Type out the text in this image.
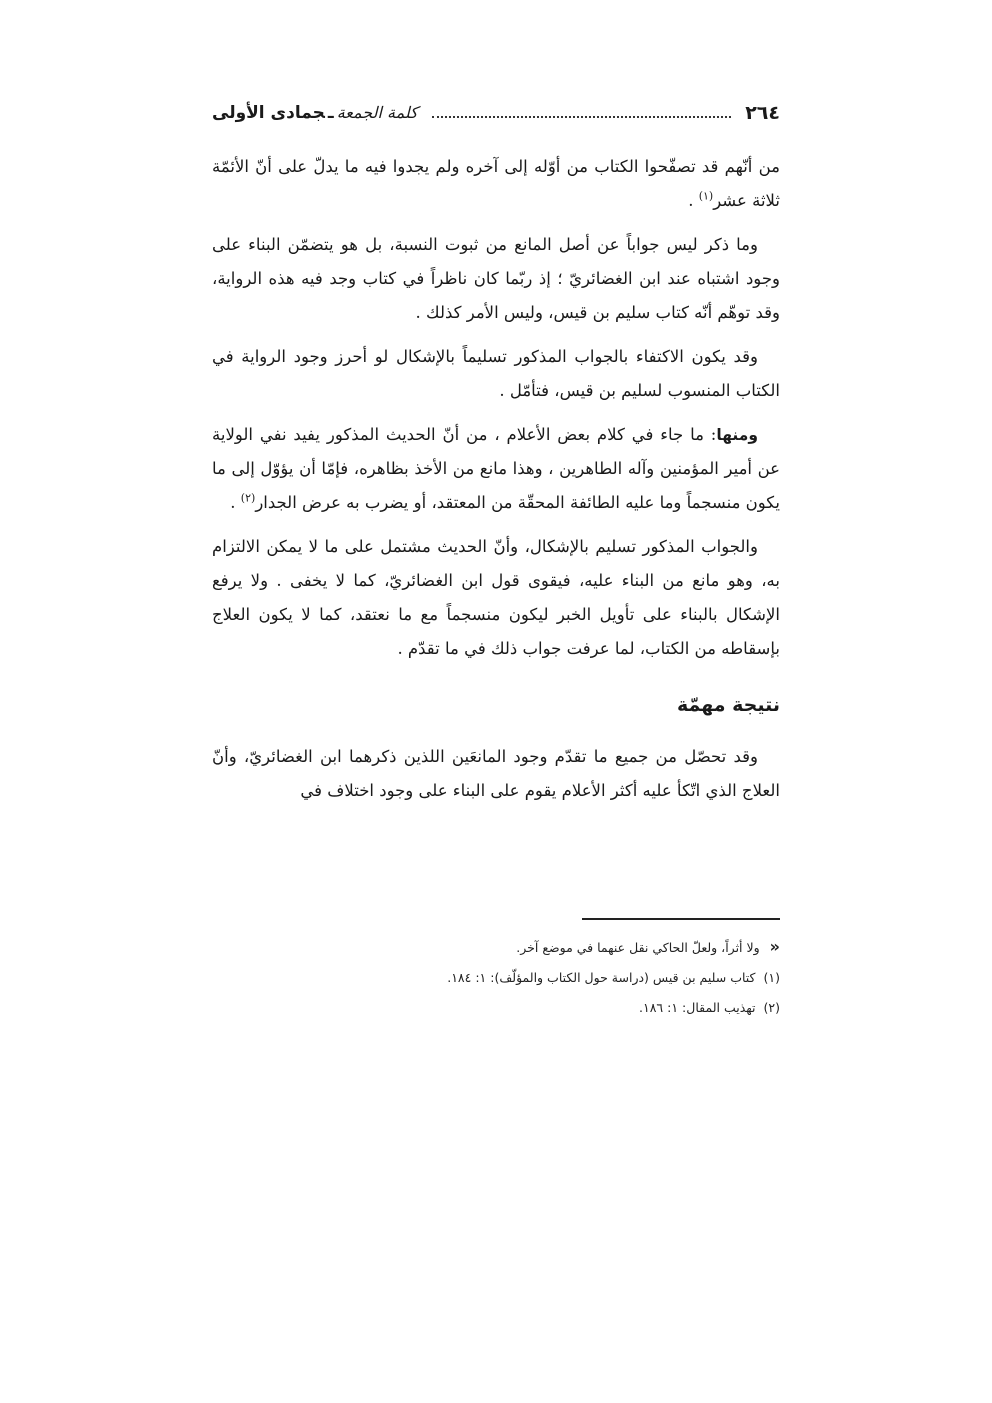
٢٦٤
كلمة الجمعةـجمادى الأولى

من أنّهم قد تصفّحوا الكتاب من أوّله إلى آخره ولم يجدوا فيه ما يدلّ على أنّ الأئمّة ثلاثة عشر$^{(١)}$ .

وما ذكر ليس جواباً عن أصل المانع من ثبوت النسبة، بل هو يتضمّن البناء على وجود اشتباه عند ابن الغضائريّ ؛ إذ ربّما كان ناظراً في كتاب وجد فيه هذه الرواية، وقد توهّم أنّه كتاب سليم بن قيس، وليس الأمر كذلك .

وقد يكون الاكتفاء بالجواب المذكور تسليماً بالإشكال لو أحرز وجود الرواية في الكتاب المنسوب لسليم بن قيس، فتأمّل .

ومنها: ما جاء في كلام بعض الأعلام ، من أنّ الحديث المذكور يفيد نفي الولاية عن أمير المؤمنين وآله الطاهرين ، وهذا مانع من الأخذ بظاهره، فإمّا أن يؤوّل إلى ما يكون منسجماً وما عليه الطائفة المحقّة من المعتقد، أو يضرب به عرض الجدار$^{(٢)}$ .

والجواب المذكور تسليم بالإشكال، وأنّ الحديث مشتمل على ما لا يمكن الالتزام به، وهو مانع من البناء عليه، فيقوى قول ابن الغضائريّ، كما لا يخفى . ولا يرفع الإشكال بالبناء على تأويل الخبر ليكون منسجماً مع ما نعتقد، كما لا يكون العلاج بإسقاطه من الكتاب، لما عرفت جواب ذلك في ما تقدّم .

نتيجة مهمّة

وقد تحصّل من جميع ما تقدّم وجود المانعَين اللذين ذكرهما ابن الغضائريّ، وأنّ العلاج الذي اتّكأ عليه أكثر الأعلام يقوم على البناء على وجود اختلاف في

«ولا أثراً، ولعلّ الحاكي نقل عنهما في موضع آخر.

(١)كتاب سليم بن قيس (دراسة حول الكتاب والمؤلّف): ١: ١٨٤.

(٢)تهذيب المقال: ١: ١٨٦.
